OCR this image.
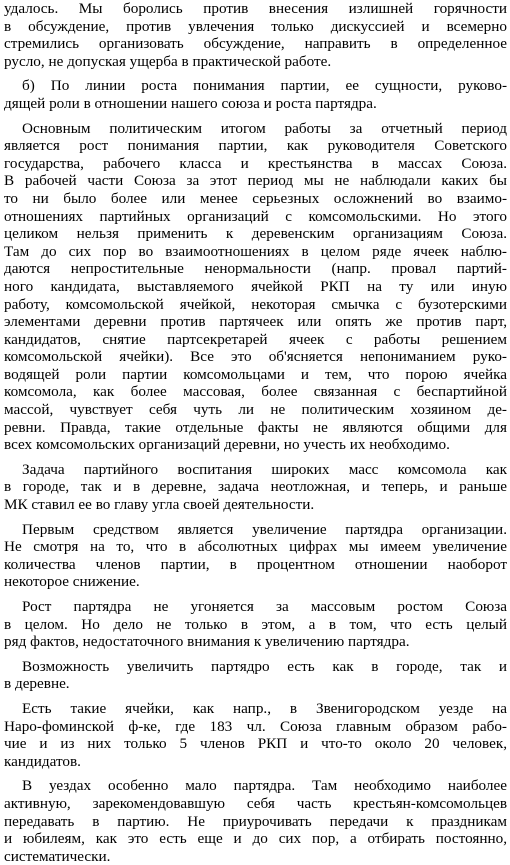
удалось. Мы боролись против внесения излишней горячности
в обсуждение, против увлечения только дискуссией и всемерно
стремились организовать обсуждение, направить в определенное
русло, не допуская ущерба в практической работе.
б) По линии роста понимания партии, ее сущности, руково-
дящей роли в отношении нашего союза и роста партядра.
Основным политическим итогом работы за отчетный период
является рост понимания партии, как руководителя Советского
государства, рабочего класса и крестьянства в массах Союза.
В рабочей части Союза за этот период мы не наблюдали каких бы
то ни было более или менее серьезных осложнений во взаимо-
отношениях партийных организаций с комсомольскими. Но этого
целиком нельзя применить к деревенским организациям Союза.
Там до сих пор во взаимоотношениях в целом ряде ячеек наблю-
даются непростительные ненормальности (напр. провал партий-
ного кандидата, выставляемого ячейкой РКП на ту или иную
работу, комсомольской ячейкой, некоторая смычка с бузотерскими
элементами деревни против партячеек или опять же против парт,
кандидатов, снятие партсекретарей ячеек с работы решением
комсомольской ячейки). Все это об'ясняется непониманием руко-
водящей роли партии комсомольцами и тем, что порою ячейка
комсомола, как более массовая, более связанная с беспартийной
массой, чувствует себя чуть ли не политическим хозяином де-
ревни. Правда, такие отдельные факты не являются общими для
всех комсомольских организаций деревни, но учесть их необходимо.
Задача партийного воспитания широких масс комсомола как
в городе, так и в деревне, задача неотложная, и теперь, и раньше
МК ставил ее во главу угла своей деятельности.
Первым средством является увеличение партядра организации.
Не смотря на то, что в абсолютных цифрах мы имеем увеличение
количества членов партии, в процентном отношении наоборот
некоторое снижение.
Рост партядра не угоняется за массовым ростом Союза
в целом. Но дело не только в этом, а в том, что есть целый
ряд фактов, недостаточного внимания к увеличению партядра.
Возможность увеличить партядро есть как в городе, так и
в деревне.
Есть такие ячейки, как напр., в Звенигородском уезде на
Наро-фоминской ф-ке, где 183 чл. Союза главным образом рабо-
чие и из них только 5 членов РКП и что-то около 20 человек,
кандидатов.
В уездах особенно мало партядра. Там необходимо наиболее
активную, зарекомендовавшую себя часть крестьян-комсомольцев
передавать в партию. Не приурочивать передачи к праздникам
и юбилеям, как это есть еще и до сих пор, а отбирать постоянно,
систематически.
